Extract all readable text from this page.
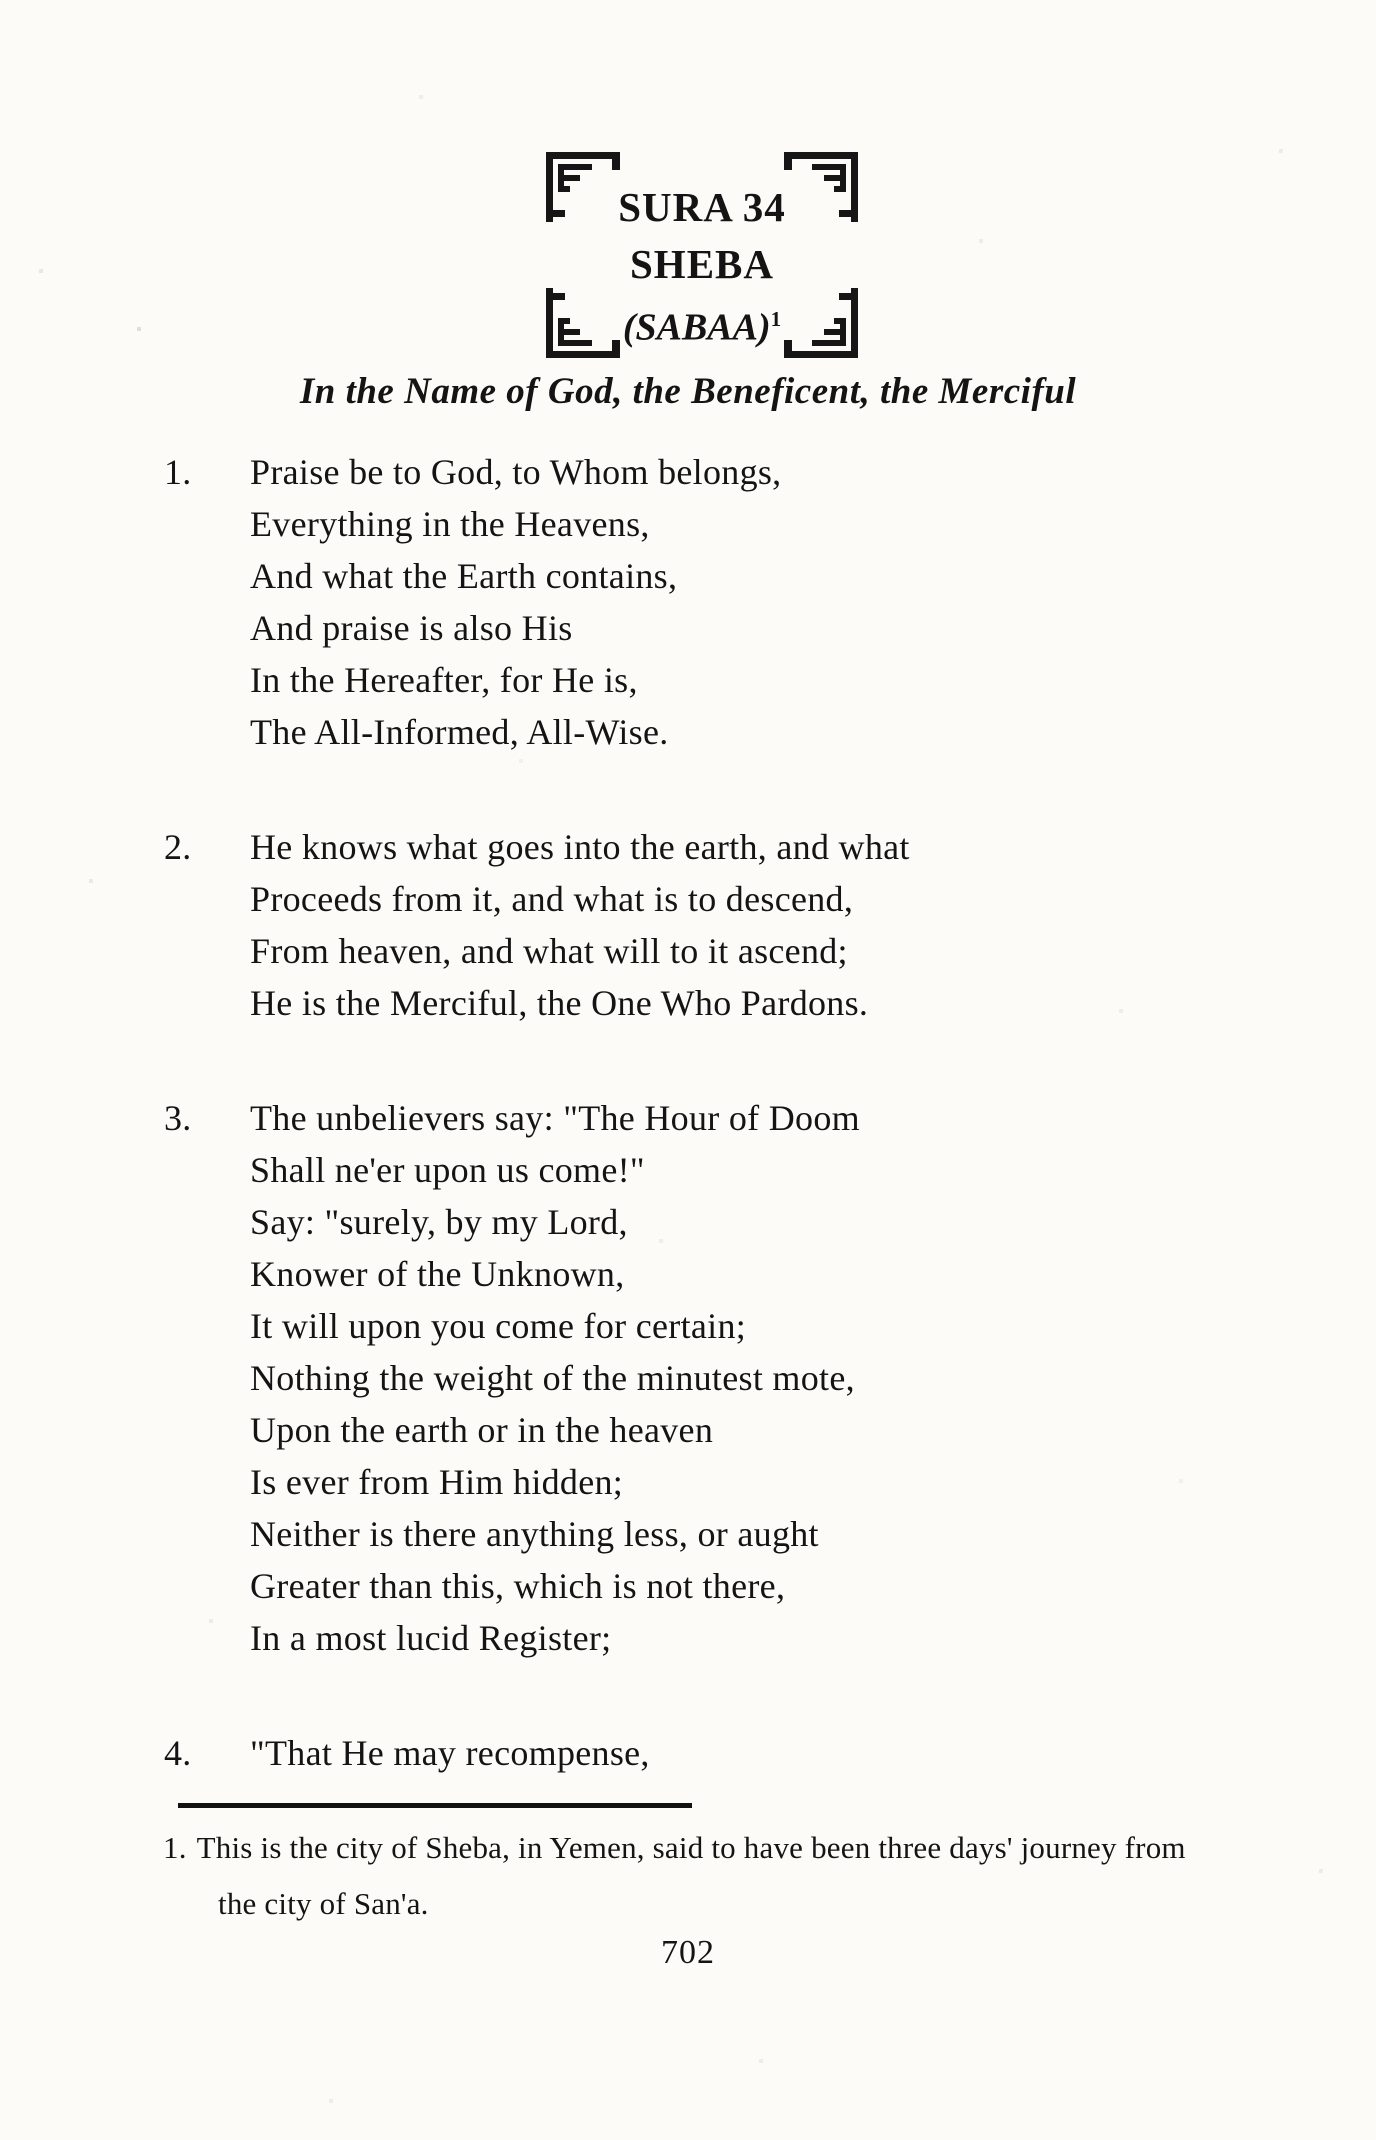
SURA 34

SHEBA

(SABAA)$^1$

In the Name of God, the Beneficent, the Merciful
1.	Praise be to God, to Whom belongs,
Everything in the Heavens,
And what the Earth contains,
And praise is also His
In the Hereafter, for He is,
The All-Informed, All-Wise.
2.	He knows what goes into the earth, and what
Proceeds from it, and what is to descend,
From heaven, and what will to it ascend;
He is the Merciful, the One Who Pardons.
3.	The unbelievers say: "The Hour of Doom
Shall ne'er upon us come!"
Say: "surely, by my Lord,
Knower of the Unknown,
It will upon you come for certain;
Nothing the weight of the minutest mote,
Upon the earth or in the heaven
Is ever from Him hidden;
Neither is there anything less, or aught
Greater than this, which is not there,
In a most lucid Register;
4.	"That He may recompense,

1. This is the city of Sheba, in Yemen, said to have been three days' journey from

the city of San'a.

702
